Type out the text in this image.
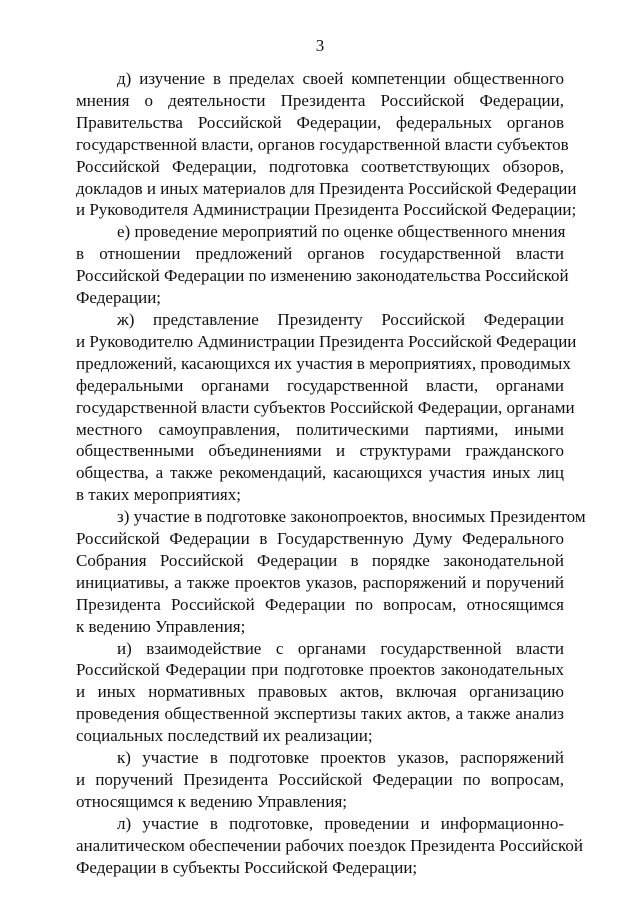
3
д) изучение в пределах своей компетенции общественного
мнения о деятельности Президента Российской Федерации,
Правительства Российской Федерации, федеральных органов
государственной власти, органов государственной власти субъектов
Российской Федерации, подготовка соответствующих обзоров,
докладов и иных материалов для Президента Российской Федерации
и Руководителя Администрации Президента Российской Федерации;
е) проведение мероприятий по оценке общественного мнения
в отношении предложений органов государственной власти
Российской Федерации по изменению законодательства Российской
Федерации;
ж) представление Президенту Российской Федерации
и Руководителю Администрации Президента Российской Федерации
предложений, касающихся их участия в мероприятиях, проводимых
федеральными органами государственной власти, органами
государственной власти субъектов Российской Федерации, органами
местного самоуправления, политическими партиями, иными
общественными объединениями и структурами гражданского
общества, а также рекомендаций, касающихся участия иных лиц
в таких мероприятиях;
з) участие в подготовке законопроектов, вносимых Президентом
Российской Федерации в Государственную Думу Федерального
Собрания Российской Федерации в порядке законодательной
инициативы, а также проектов указов, распоряжений и поручений
Президента Российской Федерации по вопросам, относящимся
к ведению Управления;
и) взаимодействие с органами государственной власти
Российской Федерации при подготовке проектов законодательных
и иных нормативных правовых актов, включая организацию
проведения общественной экспертизы таких актов, а также анализ
социальных последствий их реализации;
к) участие в подготовке проектов указов, распоряжений
и поручений Президента Российской Федерации по вопросам,
относящимся к ведению Управления;
л) участие в подготовке, проведении и информационно-
аналитическом обеспечении рабочих поездок Президента Российской
Федерации в субъекты Российской Федерации;
